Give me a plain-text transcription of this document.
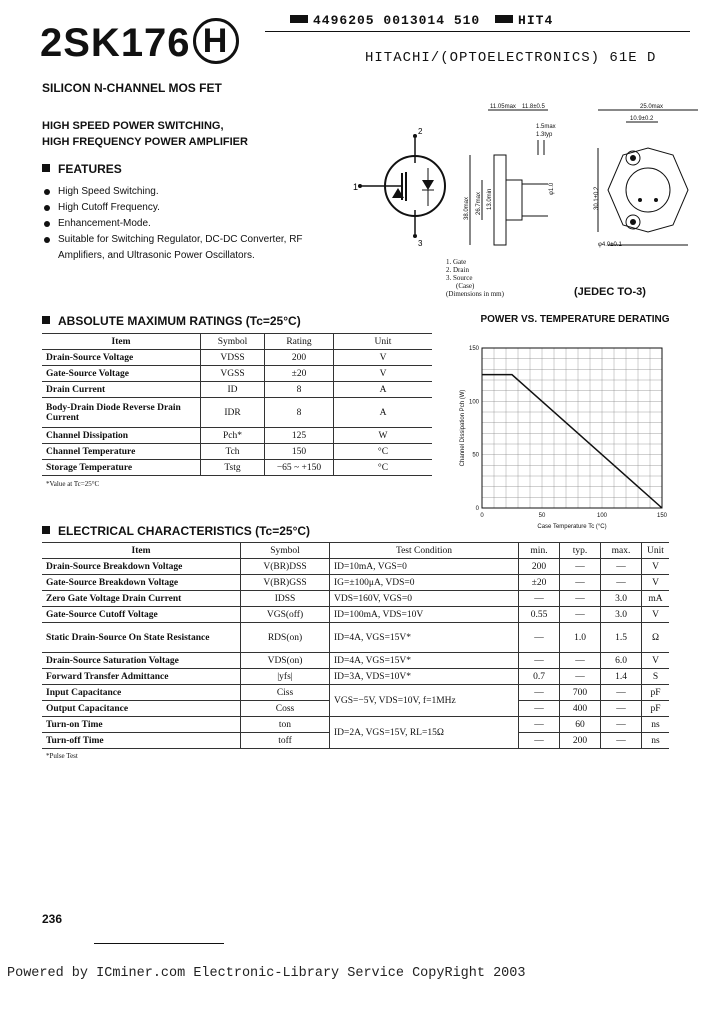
2SK176 H
4496205 0013014 510	HIT4
HITACHI/(OPTOELECTRONICS) 61E D
SILICON N-CHANNEL MOS FET
HIGH SPEED POWER SWITCHING,
HIGH FREQUENCY POWER AMPLIFIER
FEATURES
High Speed Switching.
High Cutoff Frequency.
Enhancement-Mode.
Suitable for Switching Regulator, DC-DC Converter, RF Amplifiers, and Ultrasonic Power Oscillators.
1
2
3
11.05max 11.8±0.5
1.5max
1.3typ
25.0max
10.9±0.2
φ4.0±0.1
30.1±0.2
38.0max 26.7max 13.0min	φ1.0
1. Gate
2. Drain
3. Source
(Case)
(Dimensions in mm)	(JEDEC TO-3)
ABSOLUTE MAXIMUM RATINGS (Tc=25°C)
Item	Symbol	Rating	Unit
Drain-Source Voltage	VDSS	200	V
Gate-Source Voltage	VGSS	±20	V
Drain Current	ID	8	A
Body-Drain Diode Reverse Drain Current	IDR	8	A
Channel Dissipation	Pch*	125	W
Channel Temperature	Tch	150	°C
Storage Temperature	Tstg	−65 ~ +150	°C
*Value at Tc=25°C
POWER VS. TEMPERATURE DERATING
0	50	100	150
0
50
100
150
Case Temperature Tc (°C)
Channel Dissipation Pch (W)
ELECTRICAL CHARACTERISTICS (Tc=25°C)
Item	Symbol	Test Condition	min.	typ.	max.	Unit
Drain-Source Breakdown Voltage	V(BR)DSS	ID=10mA, VGS=0	200	—	—	V
Gate-Source Breakdown Voltage	V(BR)GSS	IG=±100μA, VDS=0	±20	—	—	V
Zero Gate Voltage Drain Current	IDSS	VDS=160V, VGS=0	—	—	3.0	mA
Gate-Source Cutoff Voltage	VGS(off)	ID=100mA, VDS=10V	0.55	—	3.0	V
Static Drain-Source On State Resistance	RDS(on)	ID=4A, VGS=15V*	—	1.0	1.5	Ω
Drain-Source Saturation Voltage	VDS(on)	ID=4A, VGS=15V*	—	—	6.0	V
Forward Transfer Admittance	|yfs|	ID=3A, VDS=10V*	0.7	—	1.4	S
Input Capacitance	Ciss	VGS=−5V, VDS=10V, f=1MHz	—	700	—	pF
Output Capacitance	Coss		—	400	—	pF
Turn-on Time	ton	ID=2A, VGS=15V, RL=15Ω	—	60	—	ns
Turn-off Time	toff		—	200	—	ns
*Pulse Test
236
Powered by ICminer.com Electronic-Library Service CopyRight 2003
